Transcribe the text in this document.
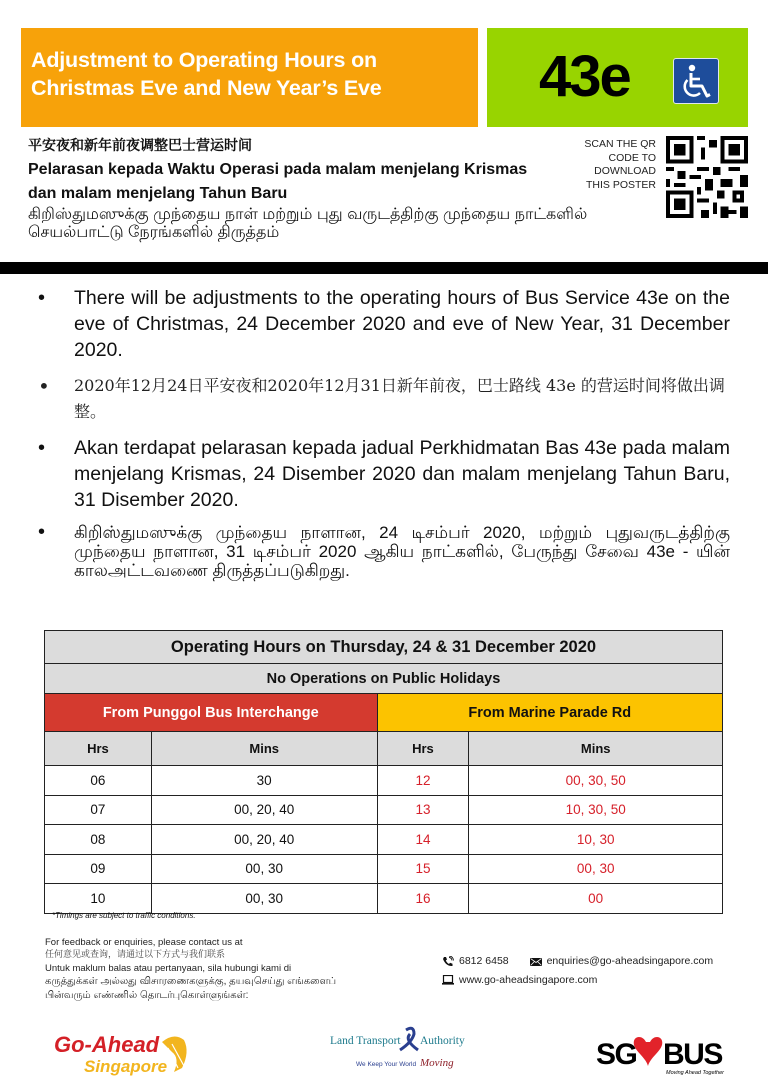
Adjustment to Operating Hours on
Christmas Eve and New Year’s Eve	43e
平安夜和新年前夜调整巴士营运时间
Pelarasan kepada Waktu Operasi pada malam menjelang Krismas dan malam menjelang Tahun Baru
கிறிஸ்துமஸுக்கு முந்தைய நாள் மற்றும் புது வருடத்திற்கு முந்தைய நாட்களில் செயல்பாட்டு நேரங்களில் திருத்தம்
SCAN THE QR
CODE TO
DOWNLOAD
THIS POSTER
• There will be adjustments to the operating hours of Bus Service 43e on the eve of Christmas, 24 December 2020 and eve of New Year, 31 December 2020.
• 2020年12月24日平安夜和2020年12月31日新年前夜，巴士路线 43e 的营运时间将做出调整。
• Akan terdapat pelarasan kepada jadual Perkhidmatan Bas 43e pada malam menjelang Krismas, 24 Disember 2020 dan malam menjelang Tahun Baru, 31 Disember 2020.
• கிறிஸ்துமஸுக்கு முந்தைய நாளான, 24 டிசம்பர் 2020, மற்றும் புதுவருடத்திற்கு முந்தைய நாளான, 31 டிசம்பர் 2020 ஆகிய நாட்களில், பேருந்து சேவை 43e - யின் காலஅட்டவணை திருத்தப்படுகிறது.
Operating Hours on Thursday, 24 & 31 December 2020			
No Operations on Public Holidays			
From Punggol Bus Interchange		From Marine Parade Rd	
Hrs	Mins	Hrs	Mins
06	30	12	00, 30, 50
07	00, 20, 40	13	10, 30, 50
08	00, 20, 40	14	10, 30
09	00, 30	15	00, 30
10	00, 30	16	00
*Timings are subject to traffic conditions.
For feedback or enquiries, please contact us at
任何意见或查询，请通过以下方式与我们联系
Untuk maklum balas atau pertanyaan, sila hubungi kami di
கருத்துக்கள் அல்லது விசாரணைகளுக்கு, தயவுசெய்து எங்களைப்
பின்வரும் எண்ணில் தொடர்புகொள்ளுங்கள்:
6812 6458
	enquiries@go-aheadsingapore.com
www.go-aheadsingapore.com
Go-Ahead
Singapore
Land Transport Authority
We Keep Your World Moving	SG BUS
Moving Ahead Together
